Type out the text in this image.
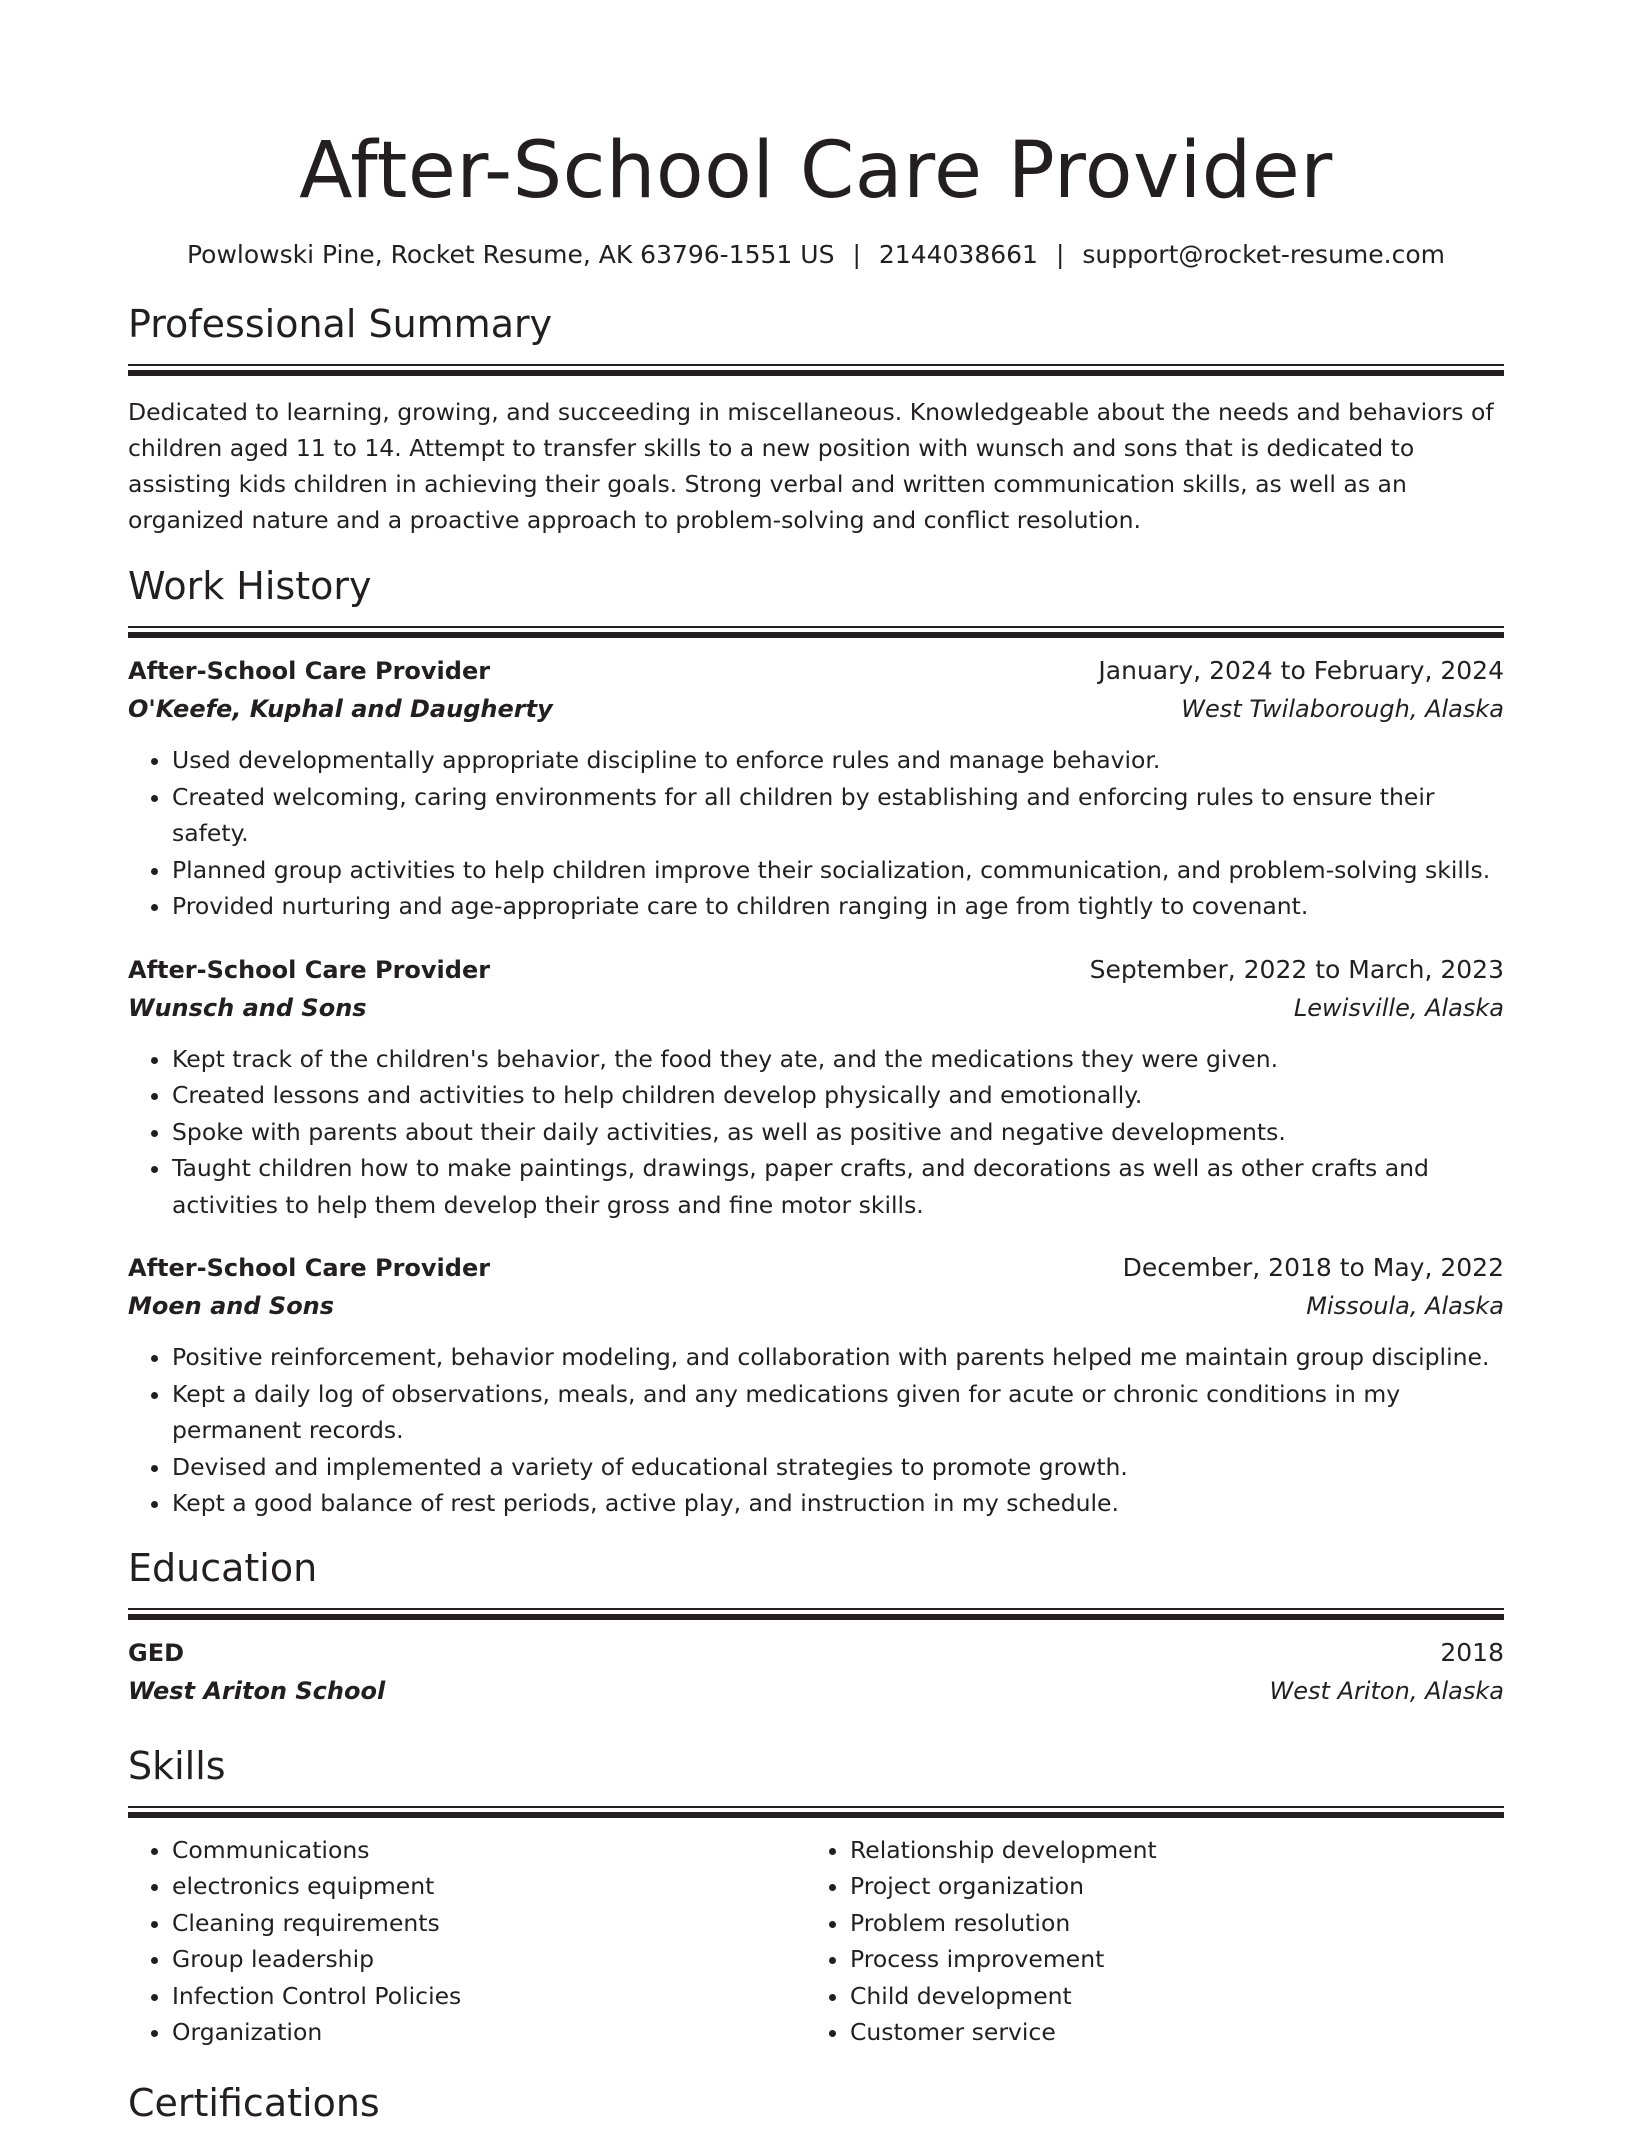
After-School Care Provider
Powlowski Pine, Rocket Resume, AK 63796-1551 US | 2144038661 | support@rocket-resume.com
Professional Summary

Dedicated to learning, growing, and succeeding in miscellaneous. Knowledgeable about the needs and behaviors of children aged 11 to 14. Attempt to transfer skills to a new position with wunsch and sons that is dedicated to assisting kids children in achieving their goals. Strong verbal and written communication skills, as well as an organized nature and a proactive approach to problem-solving and conflict resolution.

Work History
After-School Care Provider	January, 2024 to February, 2024
O'Keefe, Kuphal and Daugherty	West Twilaborough, Alaska
• Used developmentally appropriate discipline to enforce rules and manage behavior.
• Created welcoming, caring environments for all children by establishing and enforcing rules to ensure their safety.
• Planned group activities to help children improve their socialization, communication, and problem-solving skills.
• Provided nurturing and age-appropriate care to children ranging in age from tightly to covenant.
After-School Care Provider	September, 2022 to March, 2023
Wunsch and Sons	Lewisville, Alaska
• Kept track of the children's behavior, the food they ate, and the medications they were given.
• Created lessons and activities to help children develop physically and emotionally.
• Spoke with parents about their daily activities, as well as positive and negative developments.
• Taught children how to make paintings, drawings, paper crafts, and decorations as well as other crafts and activities to help them develop their gross and fine motor skills.
After-School Care Provider	December, 2018 to May, 2022
Moen and Sons	Missoula, Alaska
• Positive reinforcement, behavior modeling, and collaboration with parents helped me maintain group discipline.
• Kept a daily log of observations, meals, and any medications given for acute or chronic conditions in my permanent records.
• Devised and implemented a variety of educational strategies to promote growth.
• Kept a good balance of rest periods, active play, and instruction in my schedule.
Education
GED	2018
West Ariton School	West Ariton, Alaska
Skills
• Communications
• electronics equipment
• Cleaning requirements
• Group leadership
• Infection Control Policies
• Organization
• Relationship development
• Project organization
• Problem resolution
• Process improvement
• Child development
• Customer service
Certifications
